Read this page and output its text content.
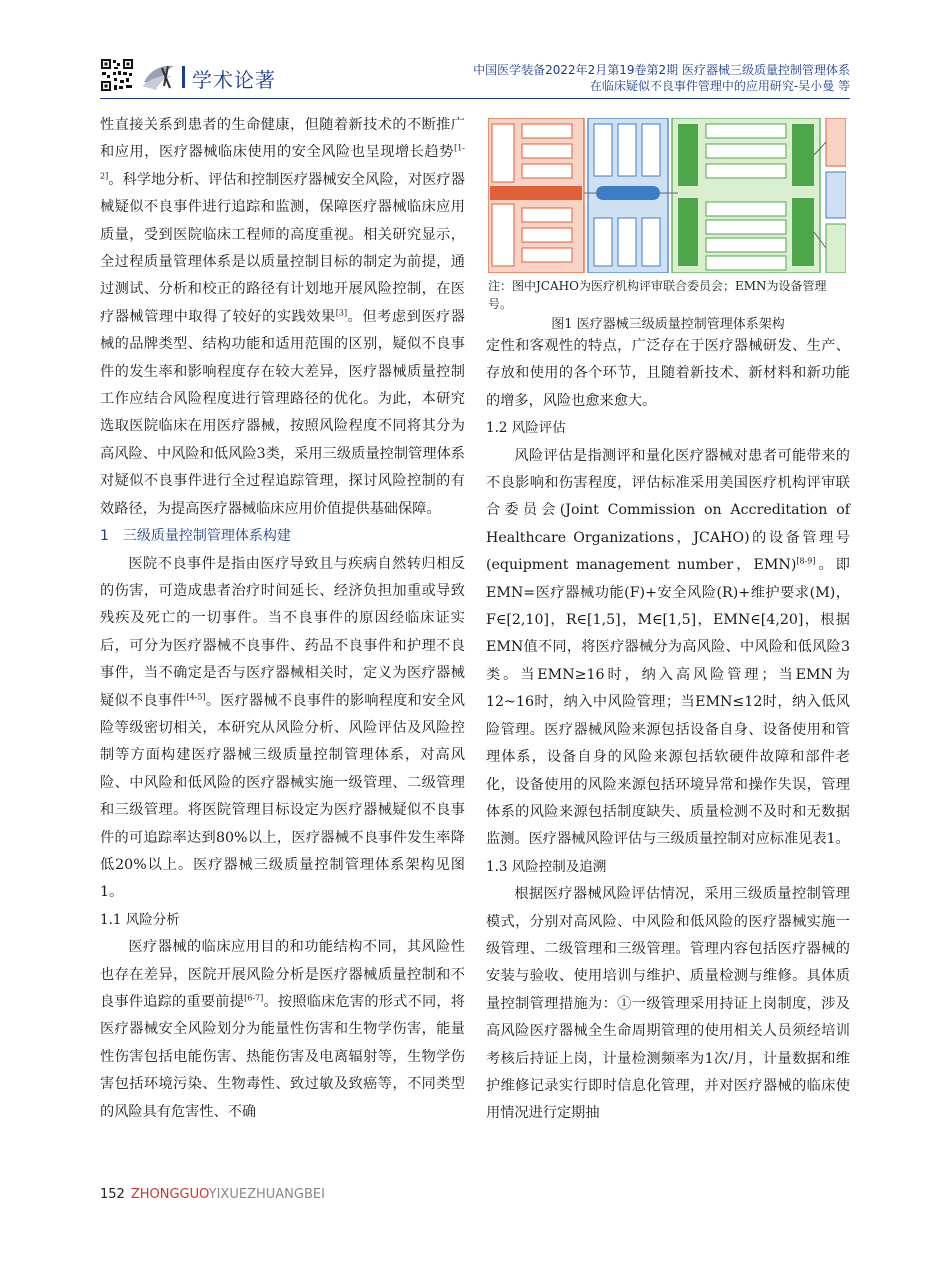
学术论著	中国医学装备2022年2月第19卷第2期 医疗器械三级质量控制管理体系
在临床疑似不良事件管理中的应用研究-吴小曼 等

性直接关系到患者的生命健康，但随着新技术的不断推广和应用，医疗器械临床使用的安全风险也呈现增长趋势[1-2]。科学地分析、评估和控制医疗器械安全风险，对医疗器械疑似不良事件进行追踪和监测，保障医疗器械临床应用质量，受到医院临床工程师的高度重视。相关研究显示，全过程质量管理体系是以质量控制目标的制定为前提，通过测试、分析和校正的路径有计划地开展风险控制，在医疗器械管理中取得了较好的实践效果[3]。但考虑到医疗器械的品牌类型、结构功能和适用范围的区别，疑似不良事件的发生率和影响程度存在较大差异，医疗器械质量控制工作应结合风险程度进行管理路径的优化。为此，本研究选取医院临床在用医疗器械，按照风险程度不同将其分为高风险、中风险和低风险3类，采用三级质量控制管理体系对疑似不良事件进行全过程追踪管理，探讨风险控制的有效路径，为提高医疗器械临床应用价值提供基础保障。

1　三级质量控制管理体系构建

医院不良事件是指由医疗导致且与疾病自然转归相反的伤害，可造成患者治疗时间延长、经济负担加重或导致残疾及死亡的一切事件。当不良事件的原因经临床证实后，可分为医疗器械不良事件、药品不良事件和护理不良事件，当不确定是否与医疗器械相关时，定义为医疗器械疑似不良事件[4-5]。医疗器械不良事件的影响程度和安全风险等级密切相关，本研究从风险分析、风险评估及风险控制等方面构建医疗器械三级质量控制管理体系，对高风险、中风险和低风险的医疗器械实施一级管理、二级管理和三级管理。将医院管理目标设定为医疗器械疑似不良事件的可追踪率达到80%以上，医疗器械不良事件发生率降低20%以上。医疗器械三级质量控制管理体系架构见图1。

1.1 风险分析

医疗器械的临床应用目的和功能结构不同，其风险性也存在差异，医院开展风险分析是医疗器械质量控制和不良事件追踪的重要前提[6-7]。按照临床危害的形式不同，将医疗器械安全风险划分为能量性伤害和生物学伤害，能量性伤害包括电能伤害、热能伤害及电离辐射等，生物学伤害包括环境污染、生物毒性、致过敏及致癌等，不同类型的风险具有危害性、不确

注：图中JCAHO为医疗机构评审联合委员会；EMN为设备管理号。
图1 医疗器械三级质量控制管理体系架构

定性和客观性的特点，广泛存在于医疗器械研发、生产、存放和使用的各个环节，且随着新技术、新材料和新功能的增多，风险也愈来愈大。

1.2 风险评估

风险评估是指测评和量化医疗器械对患者可能带来的不良影响和伤害程度，评估标准采用美国医疗机构评审联合委员会(Joint Commission on Accreditation of Healthcare Organizations，JCAHO)的设备管理号(equipment management number，EMN)[8-9]。即EMN=医疗器械功能(F)+安全风险(R)+维护要求(M)，F∈[2,10]，R∈[1,5]，M∈[1,5]，EMN∈[4,20]，根据EMN值不同，将医疗器械分为高风险、中风险和低风险3类。当EMN≥16时，纳入高风险管理；当EMN为12~16时，纳入中风险管理；当EMN≤12时，纳入低风险管理。医疗器械风险来源包括设备自身、设备使用和管理体系，设备自身的风险来源包括软硬件故障和部件老化，设备使用的风险来源包括环境异常和操作失误，管理体系的风险来源包括制度缺失、质量检测不及时和无数据监测。医疗器械风险评估与三级质量控制对应标准见表1。

1.3 风险控制及追溯

根据医疗器械风险评估情况，采用三级质量控制管理模式，分别对高风险、中风险和低风险的医疗器械实施一级管理、二级管理和三级管理。管理内容包括医疗器械的安装与验收、使用培训与维护、质量检测与维修。具体质量控制管理措施为：①一级管理采用持证上岗制度，涉及高风险医疗器械全生命周期管理的使用相关人员须经培训考核后持证上岗，计量检测频率为1次/月，计量数据和维护维修记录实行即时信息化管理，并对医疗器械的临床使用情况进行定期抽

152 ZHONGGUOYIXUEZHUANGBEI
